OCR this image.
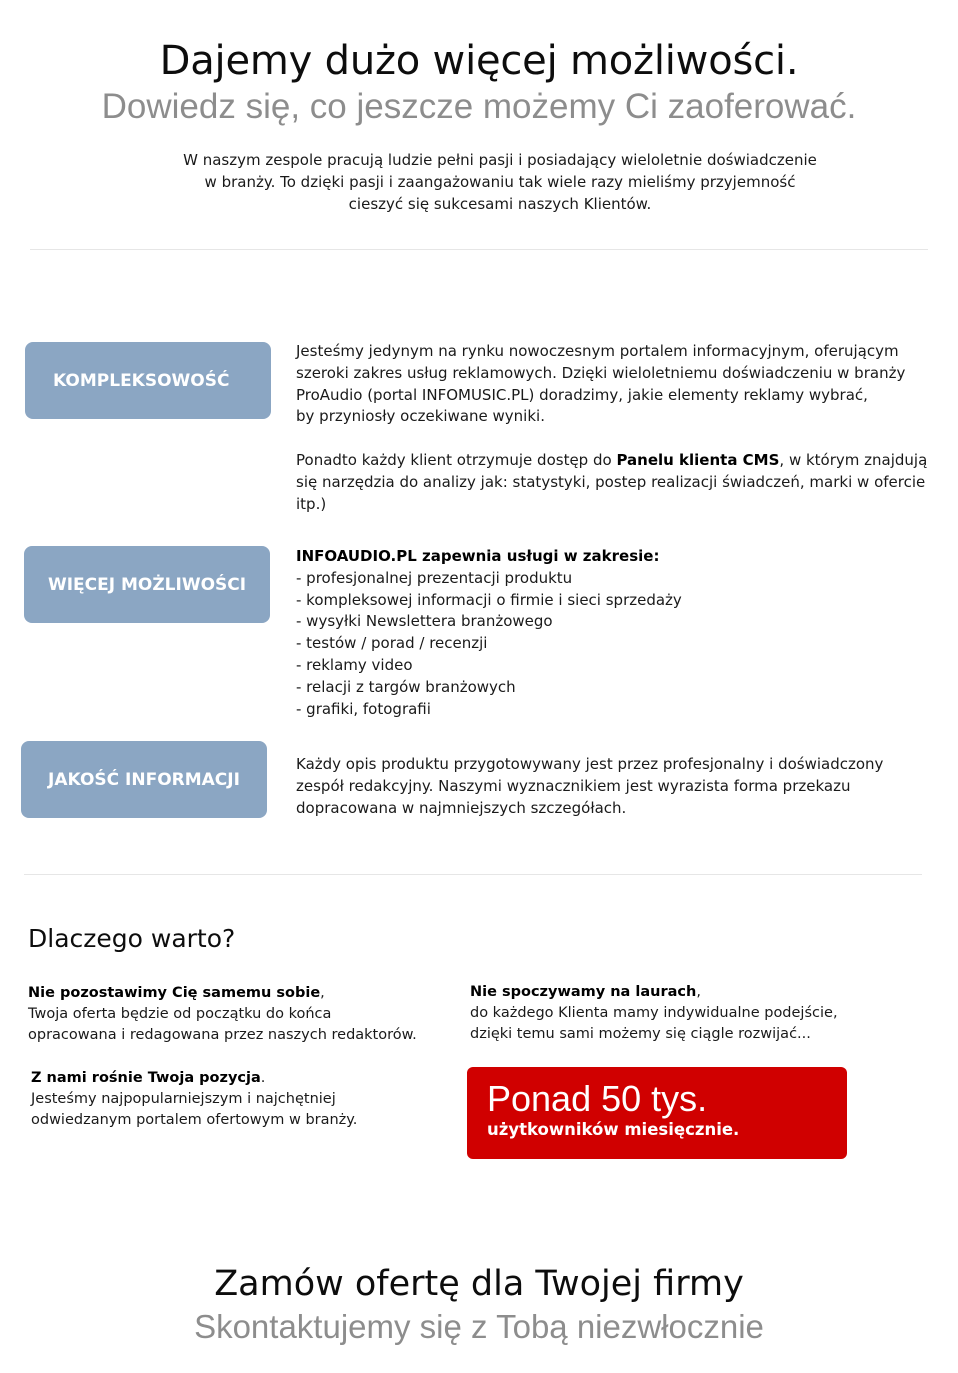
Dajemy dużo więcej możliwości.
Dowiedz się, co jeszcze możemy Ci zaoferować.
W naszym zespole pracują ludzie pełni pasji i posiadający wieloletnie doświadczenie
w branży. To dzięki pasji i zaangażowaniu tak wiele razy mieliśmy przyjemność
cieszyć się sukcesami naszych Klientów.
KOMPLEKSOWOŚĆ

Jesteśmy jedynym na rynku nowoczesnym portalem informacyjnym, oferującym

szeroki zakres usług reklamowych. Dzięki wieloletniemu doświadczeniu w branży

ProAudio (portal INFOMUSIC.PL) doradzimy, jakie elementy reklamy wybrać,

by przyniosły oczekiwane wyniki.

Ponadto każdy klient otrzymuje dostęp do Panelu klienta CMS, w którym znajdują

się narzędzia do analizy jak: statystyki, postep realizacji świadczeń, marki w ofercie itp.)

WIĘCEJ MOŻLIWOŚCI

INFOAUDIO.PL zapewnia usługi w zakresie:

- profesjonalnej prezentacji produktu
- kompleksowej informacji o firmie i sieci sprzedaży
- wysyłki Newslettera branżowego
- testów / porad / recenzji
- reklamy video
- relacji z targów branżowych
- grafiki, fotografii
JAKOŚĆ INFORMACJI

Każdy opis produktu przygotowywany jest przez profesjonalny i doświadczony

zespół redakcyjny. Naszymi wyznacznikiem jest wyrazista forma przekazu

dopracowana w najmniejszych szczegółach.

Dlaczego warto?
Nie pozostawimy Cię samemu sobie,
Twoja oferta będzie od początku do końca
opracowana i redagowana przez naszych redaktorów.
Nie spoczywamy na laurach,
do każdego Klienta mamy indywidualne podejście,
dzięki temu sami możemy się ciągle rozwijać...
Z nami rośnie Twoja pozycja.
Jesteśmy najpopularniejszym i najchętniej
odwiedzanym portalem ofertowym w branży.
Ponad 50 tys.
użytkowników miesięcznie.
Zamów ofertę dla Twojej firmy
Skontaktujemy się z Tobą niezwłocznie
